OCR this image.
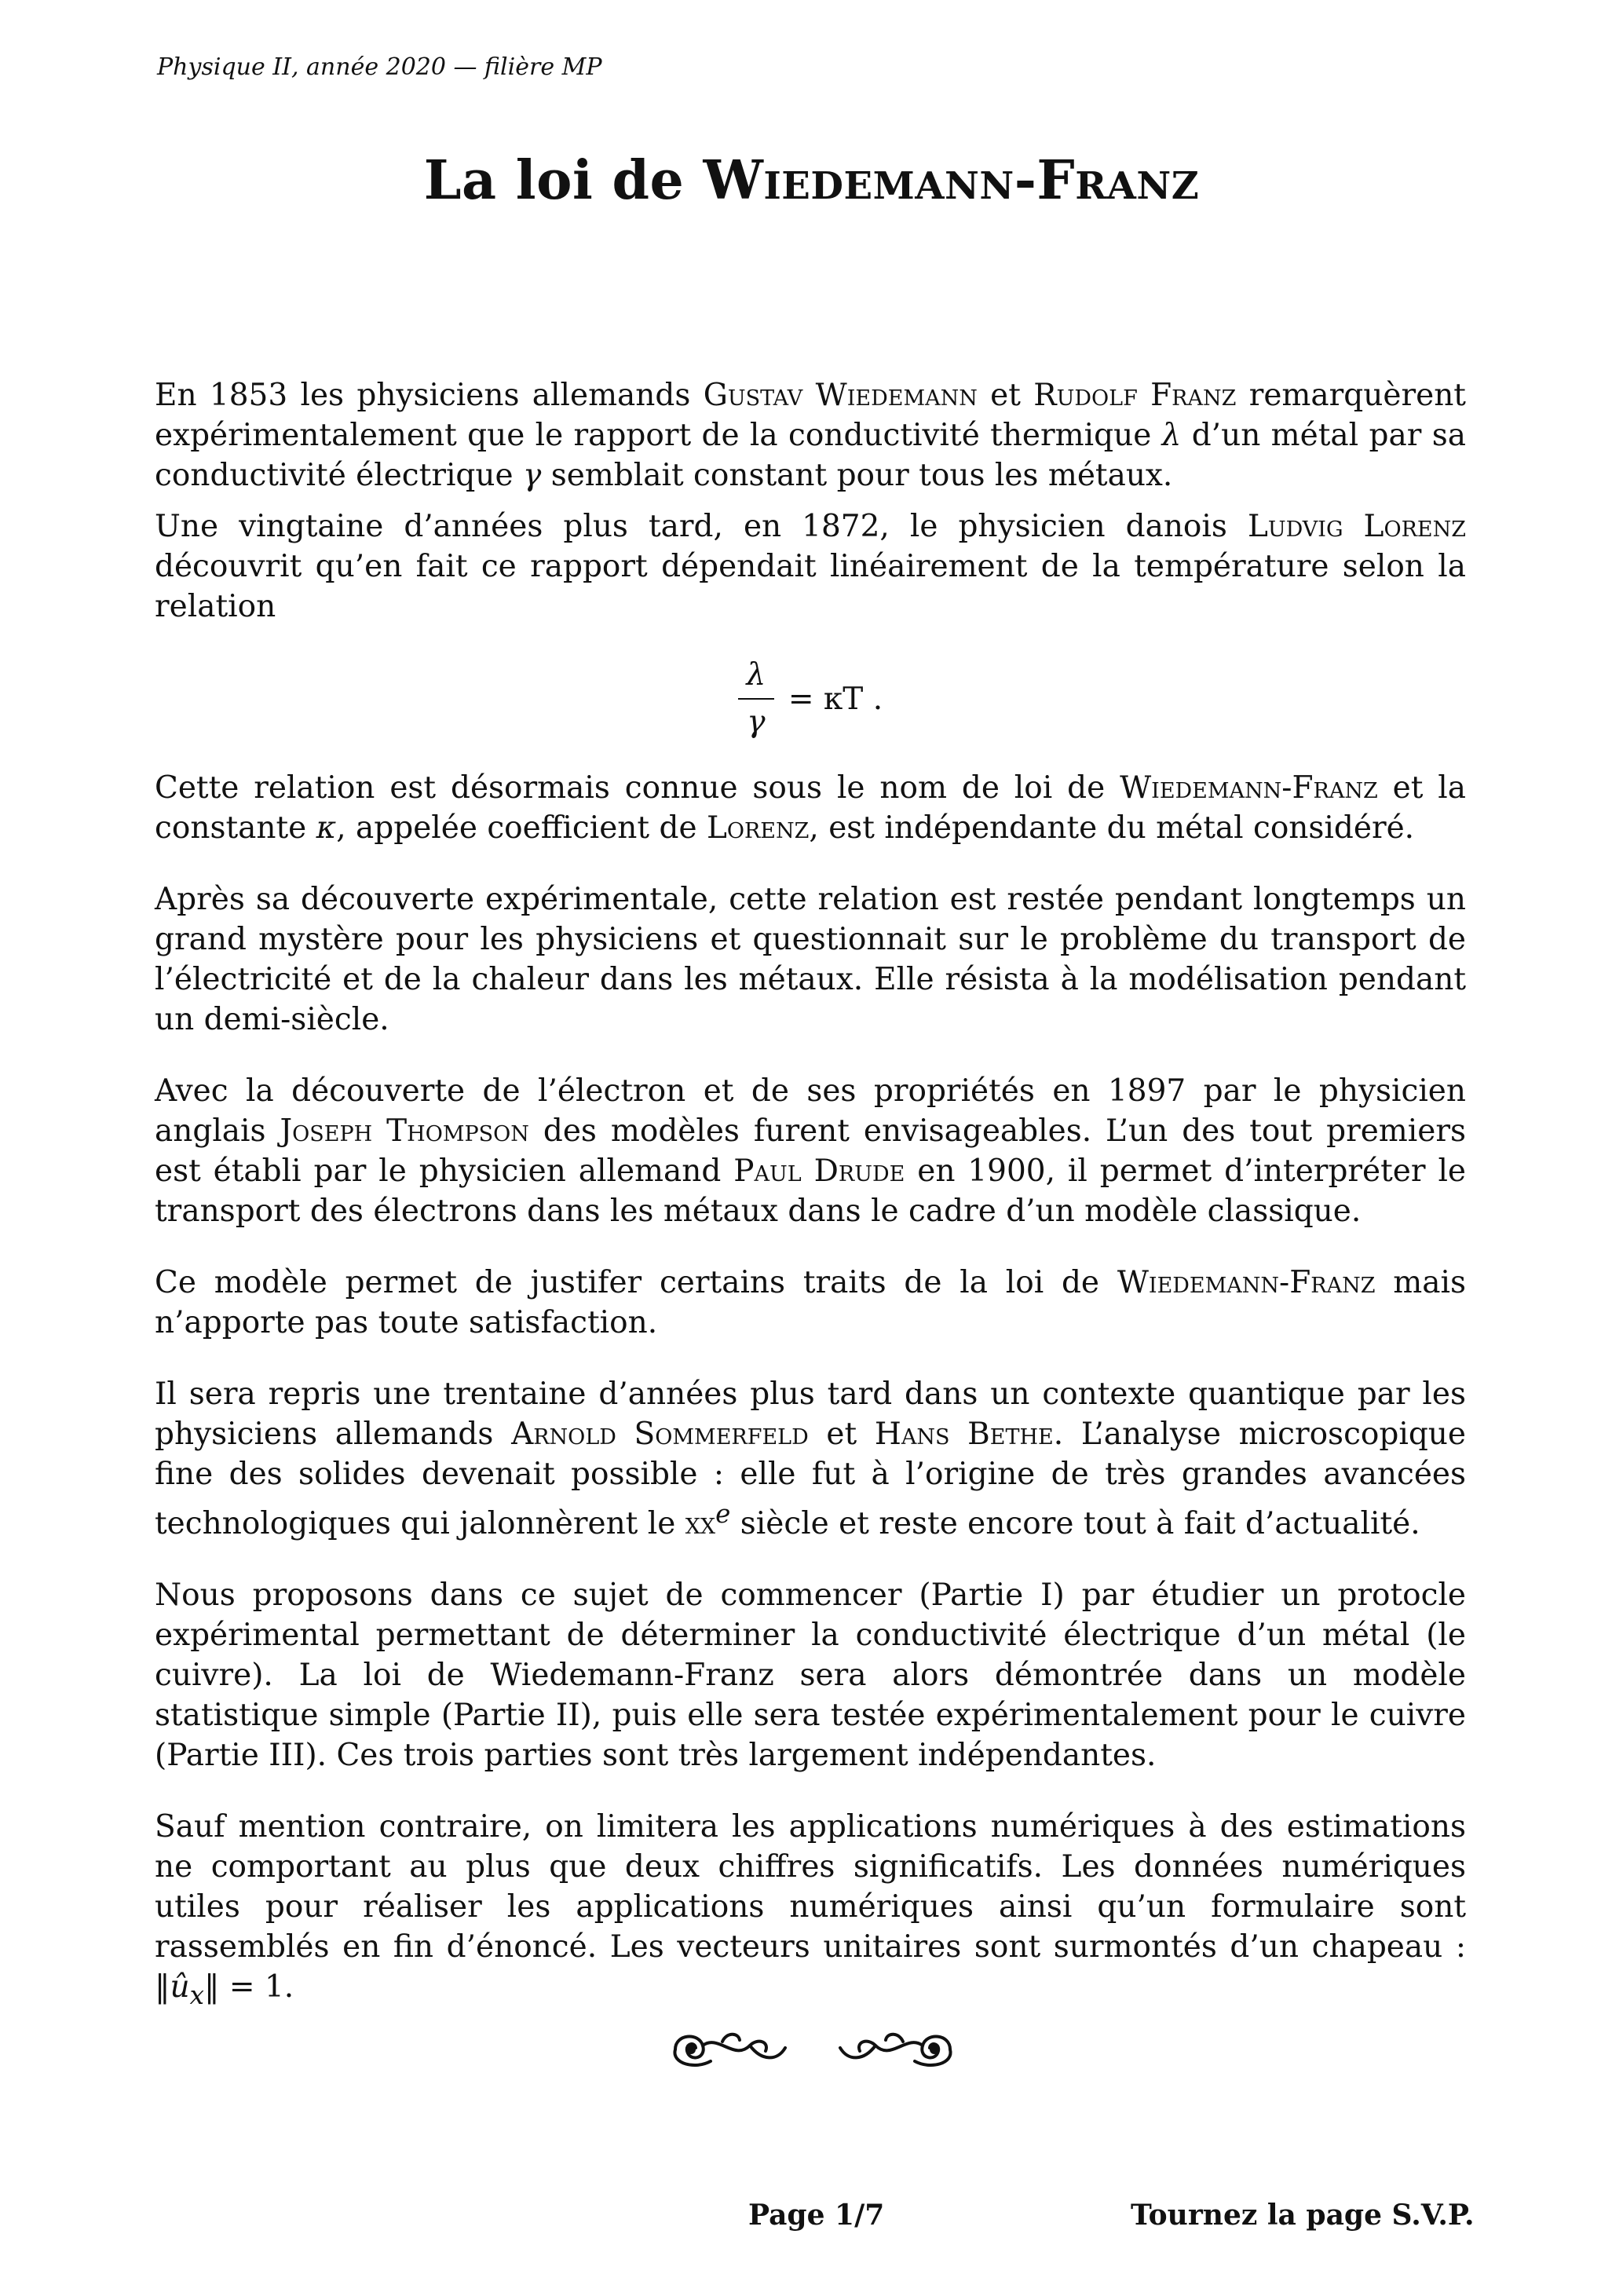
Physique II, année 2020 — filière MP
La loi de Wiedemann-Franz

En 1853 les physiciens allemands Gustav Wiedemann et Rudolf Franz remarquèrent expérimentalement que le rapport de la conductivité thermique λ d’un métal par sa conductivité électrique γ semblait constant pour tous les métaux.

Une vingtaine d’années plus tard, en 1872, le physicien danois Ludvig Lorenz découvrit qu’en fait ce rapport dépendait linéairement de la température selon la relation

$\frac{\lambda}{\gamma} = \kappa T$ .

Cette relation est désormais connue sous le nom de loi de Wiedemann-Franz et la constante κ, appelée coefficient de Lorenz, est indépendante du métal considéré.

Après sa découverte expérimentale, cette relation est restée pendant longtemps un grand mystère pour les physiciens et questionnait sur le problème du transport de l’électricité et de la chaleur dans les métaux. Elle résista à la modélisation pendant un demi-siècle.

Avec la découverte de l’électron et de ses propriétés en 1897 par le physicien anglais Joseph Thompson des modèles furent envisageables. L’un des tout premiers est établi par le physicien allemand Paul Drude en 1900, il permet d’interpréter le transport des électrons dans les métaux dans le cadre d’un modèle classique.

Ce modèle permet de justifer certains traits de la loi de Wiedemann-Franz mais n’apporte pas toute satisfaction.

Il sera repris une trentaine d’années plus tard dans un contexte quantique par les physiciens allemands Arnold Sommerfeld et Hans Bethe. L’analyse microscopique fine des solides devenait possible : elle fut à l’origine de très grandes avancées technologiques qui jalonnèrent le $xx^e$ siècle et reste encore tout à fait d’actualité.

Nous proposons dans ce sujet de commencer (Partie I) par étudier un protocle expérimental permettant de déterminer la conductivité électrique d’un métal (le cuivre). La loi de Wiedemann-Franz sera alors démontrée dans un modèle statistique simple (Partie II), puis elle sera testée expérimentalement pour le cuivre (Partie III). Ces trois parties sont très largement indépendantes.

Sauf mention contraire, on limitera les applications numériques à des estimations ne comportant au plus que deux chiffres significatifs. Les données numériques utiles pour réaliser les applications numériques ainsi qu’un formulaire sont rassemblés en fin d’énoncé. Les vecteurs unitaires sont surmontés d’un chapeau : $‖û_x‖ = 1$.

Page 1/7	Tournez la page S.V.P.
